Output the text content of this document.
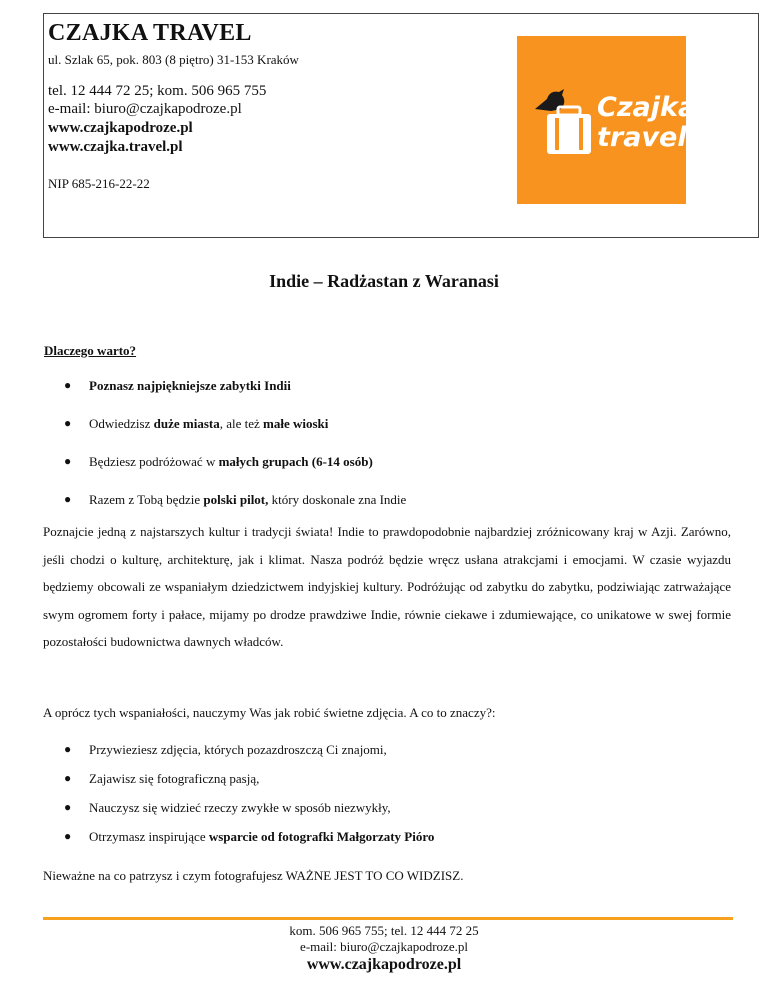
CZAJKA TRAVEL
ul. Szlak 65, pok. 803 (8 piętro) 31-153 Kraków
tel. 12 444 72 25; kom. 506 965 755
e-mail: biuro@czajkapodroze.pl
www.czajkapodroze.pl
www.czajka.travel.pl
NIP 685-216-22-22
Czajka
travel
Indie – Radżastan z Waranasi
Dlaczego warto?
● Poznasz najpiękniejsze zabytki Indii
● Odwiedzisz duże miasta, ale też małe wioski
● Będziesz podróżować w małych grupach (6-14 osób)
● Razem z Tobą będzie polski pilot, który doskonale zna Indie

Poznajcie jedną z najstarszych kultur i tradycji świata! Indie to prawdopodobnie najbardziej zróżnicowany kraj w Azji. Zarówno, jeśli chodzi o kulturę, architekturę, jak i klimat. Nasza podróż będzie wręcz usłana atrakcjami i emocjami. W czasie wyjazdu będziemy obcowali ze wspaniałym dziedzictwem indyjskiej kultury. Podróżując od zabytku do zabytku, podziwiając zatrważające swym ogromem forty i pałace, mijamy po drodze prawdziwe Indie, równie ciekawe i zdumiewające, co unikatowe w swej formie pozostałości budownictwa dawnych władców.

A oprócz tych wspaniałości, nauczymy Was jak robić świetne zdjęcia. A co to znaczy?:

● Przywieziesz zdjęcia, których pozazdroszczą Ci znajomi,
● Zajawisz się fotograficzną pasją,
● Nauczysz się widzieć rzeczy zwykłe w sposób niezwykły,
● Otrzymasz inspirujące wsparcie od fotografki Małgorzaty Pióro

Nieważne na co patrzysz i czym fotografujesz WAŻNE JEST TO CO WIDZISZ.

kom. 506 965 755; tel. 12 444 72 25
e-mail: biuro@czajkapodroze.pl
www.czajkapodroze.pl
